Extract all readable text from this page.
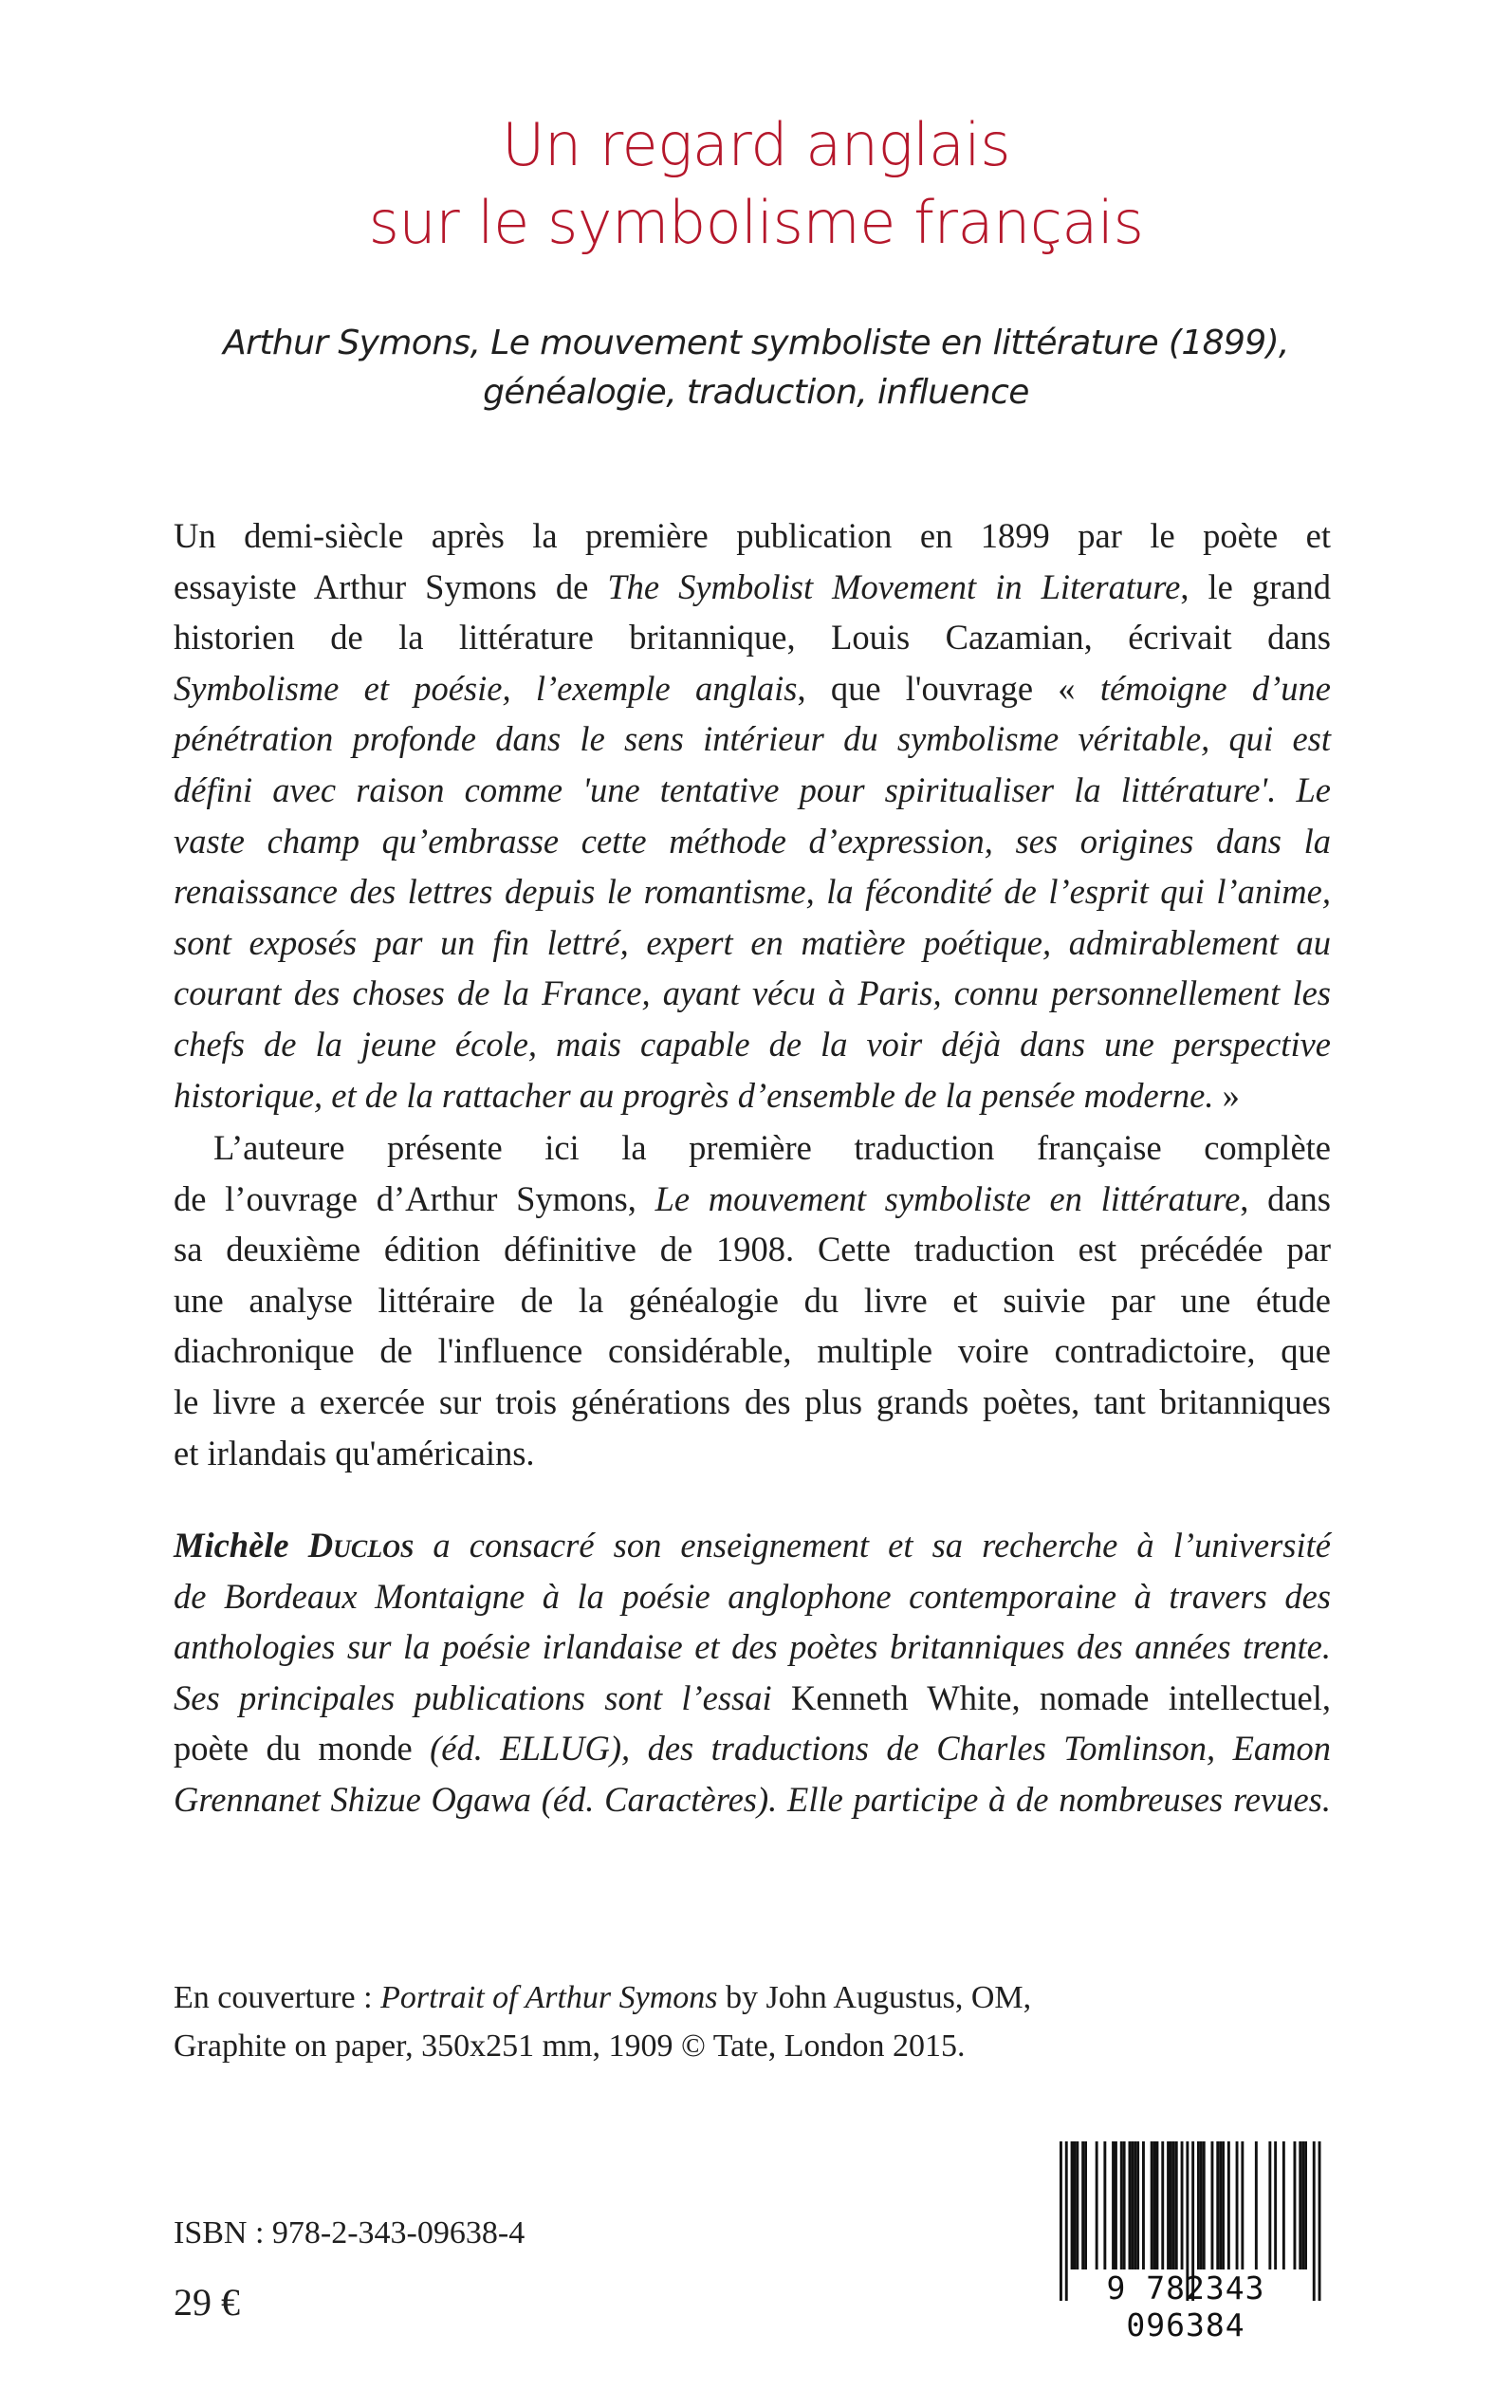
Un regard anglais
sur le symbolisme français
Arthur Symons, Le mouvement symboliste en littérature (1899),
généalogie, traduction, influence
Un demi-siècle après la première publication en 1899 par le poète et
essayiste Arthur Symons de The Symbolist Movement in Literature, le grand
historien de la littérature britannique, Louis Cazamian, écrivait dans
Symbolisme et poésie, l’exemple anglais, que l'ouvrage « témoigne d’une
pénétration profonde dans le sens intérieur du symbolisme véritable, qui est
défini avec raison comme 'une tentative pour spiritualiser la littérature'. Le
vaste champ qu’embrasse cette méthode d’expression, ses origines dans la
renaissance des lettres depuis le romantisme, la fécondité de l’esprit qui l’anime,
sont exposés par un fin lettré, expert en matière poétique, admirablement au
courant des choses de la France, ayant vécu à Paris, connu personnellement les
chefs de la jeune école, mais capable de la voir déjà dans une perspective
historique, et de la rattacher au progrès d’ensemble de la pensée moderne. »
L’auteure présente ici la première traduction française complète
de l’ouvrage d’Arthur Symons, Le mouvement symboliste en littérature, dans
sa deuxième édition définitive de 1908. Cette traduction est précédée par
une analyse littéraire de la généalogie du livre et suivie par une étude
diachronique de l'influence considérable, multiple voire contradictoire, que
le livre a exercée sur trois générations des plus grands poètes, tant britanniques
et irlandais qu'américains.
Michèle Duclos a consacré son enseignement et sa recherche à l’université
de Bordeaux Montaigne à la poésie anglophone contemporaine à travers des
anthologies sur la poésie irlandaise et des poètes britanniques des années trente.
Ses principales publications sont l’essai Kenneth White, nomade intellectuel,
poète du monde (éd. ELLUG), des traductions de Charles Tomlinson, Eamon
Grennanet Shizue Ogawa (éd. Caractères). Elle participe à de nombreuses revues.
En couverture : Portrait of Arthur Symons by John Augustus, OM,
Graphite on paper, 350x251 mm, 1909 © Tate, London 2015.
ISBN : 978-2-343-09638-4
29 €	9 782343 096384
